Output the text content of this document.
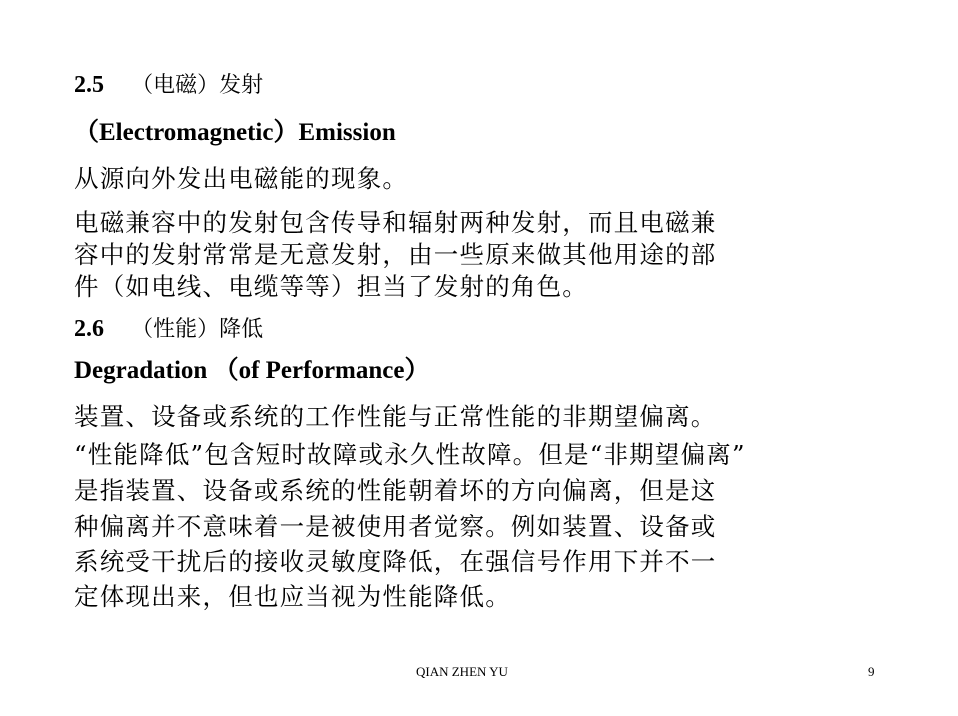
2.5 （电磁）发射
（Electromagnetic）Emission
从源向外发出电磁能的现象。
电磁兼容中的发射包含传导和辐射两种发射，而且电磁兼
容中的发射常常是无意发射，由一些原来做其他用途的部
件（如电线、电缆等等）担当了发射的角色。
2.6 （性能）降低
Degradation （of Performance）
装置、设备或系统的工作性能与正常性能的非期望偏离。
“性能降低”包含短时故障或永久性故障。但是“非期望偏离”
是指装置、设备或系统的性能朝着坏的方向偏离，但是这
种偏离并不意味着一是被使用者觉察。例如装置、设备或
系统受干扰后的接收灵敏度降低，在强信号作用下并不一
定体现出来，但也应当视为性能降低。
QIAN ZHEN YU	9
